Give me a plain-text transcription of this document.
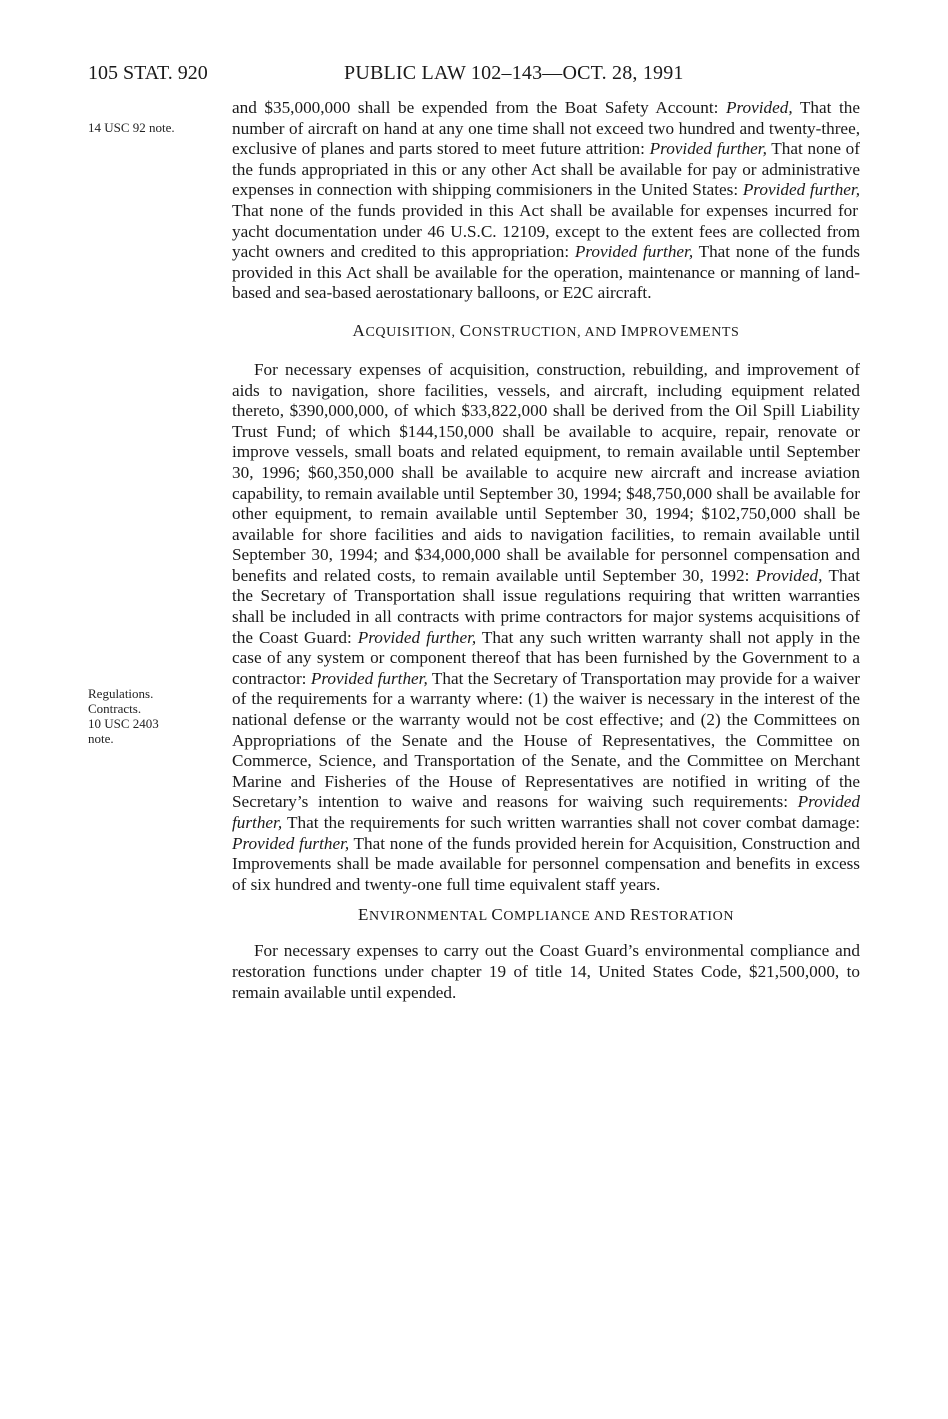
105 STAT. 920	PUBLIC LAW 102–143—OCT. 28, 1991
14 USC 92 note.
Regulations.
Contracts.
10 USC 2403
note.

and $35,000,000 shall be expended from the Boat Safety Account: Provided, That the number of aircraft on hand at any one time shall not exceed two hundred and twenty-three, exclusive of planes and parts stored to meet future attrition: Provided further, That none of the funds appropriated in this or any other Act shall be available for pay or administrative expenses in connection with shipping commisioners in the United States: Provided further, That none of the funds provided in this Act shall be available for expenses incurred for yacht documentation under 46 U.S.C. 12109, except to the extent fees are collected from yacht owners and credited to this appropriation: Provided further, That none of the funds provided in this Act shall be available for the operation, maintenance or manning of land-based and sea-based aerostationary balloons, or E2C aircraft.

ACQUISITION, CONSTRUCTION, AND IMPROVEMENTS

For necessary expenses of acquisition, construction, rebuilding, and improvement of aids to navigation, shore facilities, vessels, and aircraft, including equipment related thereto, $390,000,000, of which $33,822,000 shall be derived from the Oil Spill Liability Trust Fund; of which $144,150,000 shall be available to acquire, repair, renovate or improve vessels, small boats and related equipment, to remain available until September 30, 1996; $60,350,000 shall be available to acquire new aircraft and increase aviation capability, to remain available until September 30, 1994; $48,750,000 shall be available for other equipment, to remain available until September 30, 1994; $102,750,000 shall be available for shore facilities and aids to navigation facilities, to remain available until September 30, 1994; and $34,000,000 shall be available for personnel compensation and benefits and related costs, to remain available until September 30, 1992: Provided, That the Secretary of Transportation shall issue regulations requiring that written warranties shall be included in all contracts with prime contractors for major systems acquisitions of the Coast Guard: Provided further, That any such written warranty shall not apply in the case of any system or component thereof that has been furnished by the Government to a contractor: Provided further, That the Secretary of Transportation may provide for a waiver of the requirements for a warranty where: (1) the waiver is necessary in the interest of the national defense or the warranty would not be cost effective; and (2) the Committees on Appropriations of the Senate and the House of Representatives, the Committee on Commerce, Science, and Transportation of the Senate, and the Committee on Merchant Marine and Fisheries of the House of Representatives are notified in writing of the Secretary’s intention to waive and reasons for waiving such requirements: Provided further, That the requirements for such written warranties shall not cover combat damage: Provided further, That none of the funds provided herein for Acquisition, Construction and Improvements shall be made available for personnel compensation and benefits in excess of six hundred and twenty-one full time equivalent staff years.

ENVIRONMENTAL COMPLIANCE AND RESTORATION

For necessary expenses to carry out the Coast Guard’s environmental compliance and restoration functions under chapter 19 of title 14, United States Code, $21,500,000, to remain available until expended.
